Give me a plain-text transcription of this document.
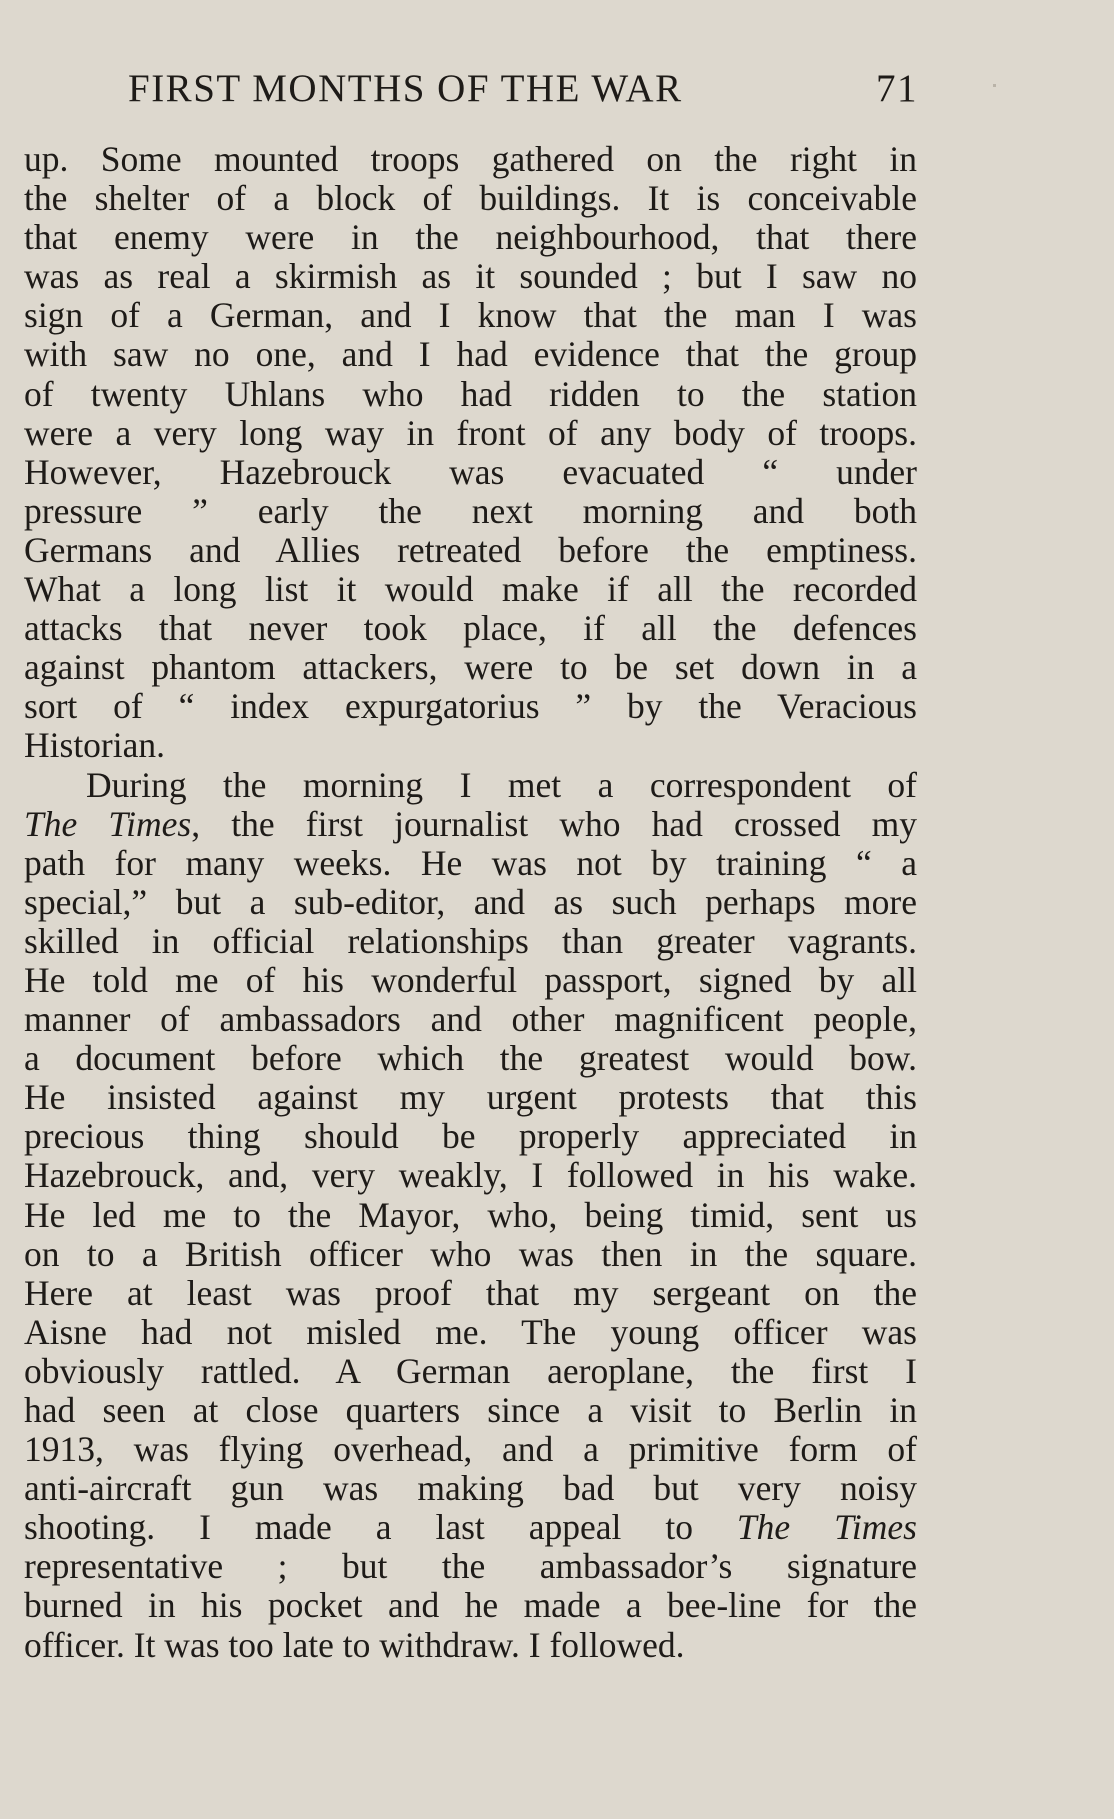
FIRST MONTHS OF THE WAR	71
up. Some mounted troops gathered on the right in
the shelter of a block of buildings. It is conceivable
that enemy were in the neighbourhood, that there
was as real a skirmish as it sounded ; but I saw no
sign of a German, and I know that the man I was
with saw no one, and I had evidence that the group
of twenty Uhlans who had ridden to the station
were a very long way in front of any body of troops.
However, Hazebrouck was evacuated “ under
pressure ” early the next morning and both
Germans and Allies retreated before the emptiness.
What a long list it would make if all the recorded
attacks that never took place, if all the defences
against phantom attackers, were to be set down in a
sort of “ index expurgatorius ” by the Veracious
Historian.
During the morning I met a correspondent of
The Times, the first journalist who had crossed my
path for many weeks. He was not by training “ a
special,” but a sub-editor, and as such perhaps more
skilled in official relationships than greater vagrants.
He told me of his wonderful passport, signed by all
manner of ambassadors and other magnificent people,
a document before which the greatest would bow.
He insisted against my urgent protests that this
precious thing should be properly appreciated in
Hazebrouck, and, very weakly, I followed in his wake.
He led me to the Mayor, who, being timid, sent us
on to a British officer who was then in the square.
Here at least was proof that my sergeant on the
Aisne had not misled me. The young officer was
obviously rattled. A German aeroplane, the first I
had seen at close quarters since a visit to Berlin in
1913, was flying overhead, and a primitive form of
anti-aircraft gun was making bad but very noisy
shooting. I made a last appeal to The Times
representative ; but the ambassador’s signature
burned in his pocket and he made a bee-line for the
officer. It was too late to withdraw. I followed.
